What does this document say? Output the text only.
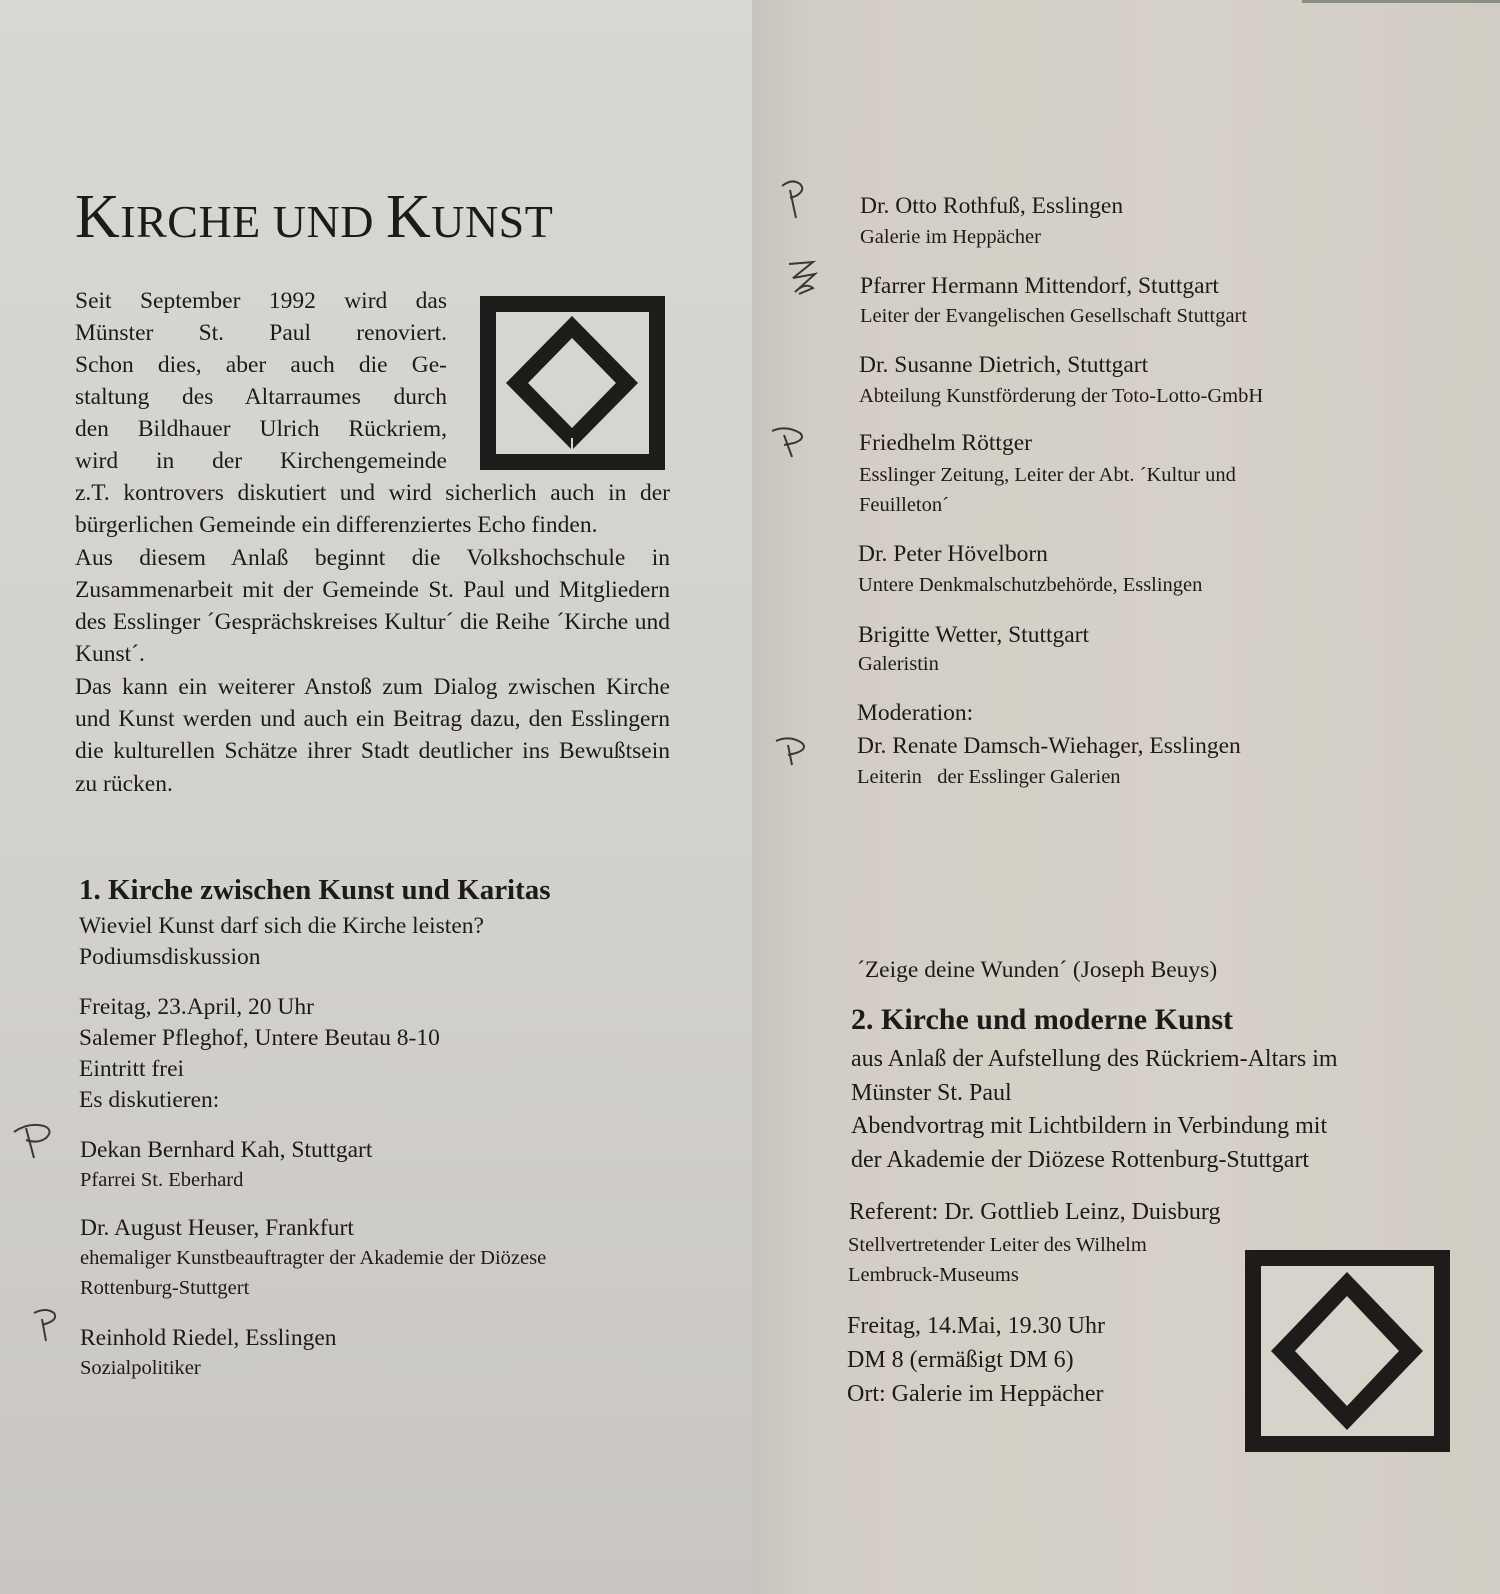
KIRCHE UND KUNST
Seit September 1992 wird das
Münster St. Paul renoviert.
Schon dies, aber auch die Ge-
staltung des Altarraumes durch
den Bildhauer Ulrich Rückriem,
wird in der Kirchengemeinde

z.T. kontrovers diskutiert und wird sicherlich auch in der bürgerlichen Gemeinde ein differenziertes Echo finden.

Aus diesem Anlaß beginnt die Volkshochschule in Zusammenarbeit mit der Gemeinde St. Paul und Mitgliedern des Esslinger ´Gesprächskreises Kultur´ die Reihe ´Kirche und Kunst´.

Das kann ein weiterer Anstoß zum Dialog zwischen Kirche und Kunst werden und auch ein Beitrag dazu, den Esslingern die kulturellen Schätze ihrer Stadt deutlicher ins Bewußtsein zu rücken.

1. Kirche zwischen Kunst und Karitas
Wieviel Kunst darf sich die Kirche leisten?
Podiumsdiskussion
Freitag, 23.April, 20 Uhr
Salemer Pfleghof, Untere Beutau 8-10
Eintritt frei
Es diskutieren:
Dekan Bernhard Kah, Stuttgart
Pfarrei St. Eberhard
Dr. August Heuser, Frankfurt
ehemaliger Kunstbeauftragter der Akademie der Diözese
Rottenburg-Stuttgert
Reinhold Riedel, Esslingen
Sozialpolitiker
Dr. Otto Rothfuß, Esslingen
Galerie im Heppächer
Pfarrer Hermann Mittendorf, Stuttgart
Leiter der Evangelischen Gesellschaft Stuttgart
Dr. Susanne Dietrich, Stuttgart
Abteilung Kunstförderung der Toto-Lotto-GmbH
Friedhelm Röttger
Esslinger Zeitung, Leiter der Abt. ´Kultur und
Feuilleton´
Dr. Peter Hövelborn
Untere Denkmalschutzbehörde, Esslingen
Brigitte Wetter, Stuttgart
Galeristin
Moderation:
Dr. Renate Damsch-Wiehager, Esslingen
Leiterin   der Esslinger Galerien
´Zeige deine Wunden´ (Joseph Beuys)
2. Kirche und moderne Kunst
aus Anlaß der Aufstellung des Rückriem-Altars im
Münster St. Paul
Abendvortrag mit Lichtbildern in Verbindung mit
der Akademie der Diözese Rottenburg-Stuttgart
Referent: Dr. Gottlieb Leinz, Duisburg
Stellvertretender Leiter des Wilhelm
Lembruck-Museums
Freitag, 14.Mai, 19.30 Uhr
DM 8 (ermäßigt DM 6)
Ort: Galerie im Heppächer
